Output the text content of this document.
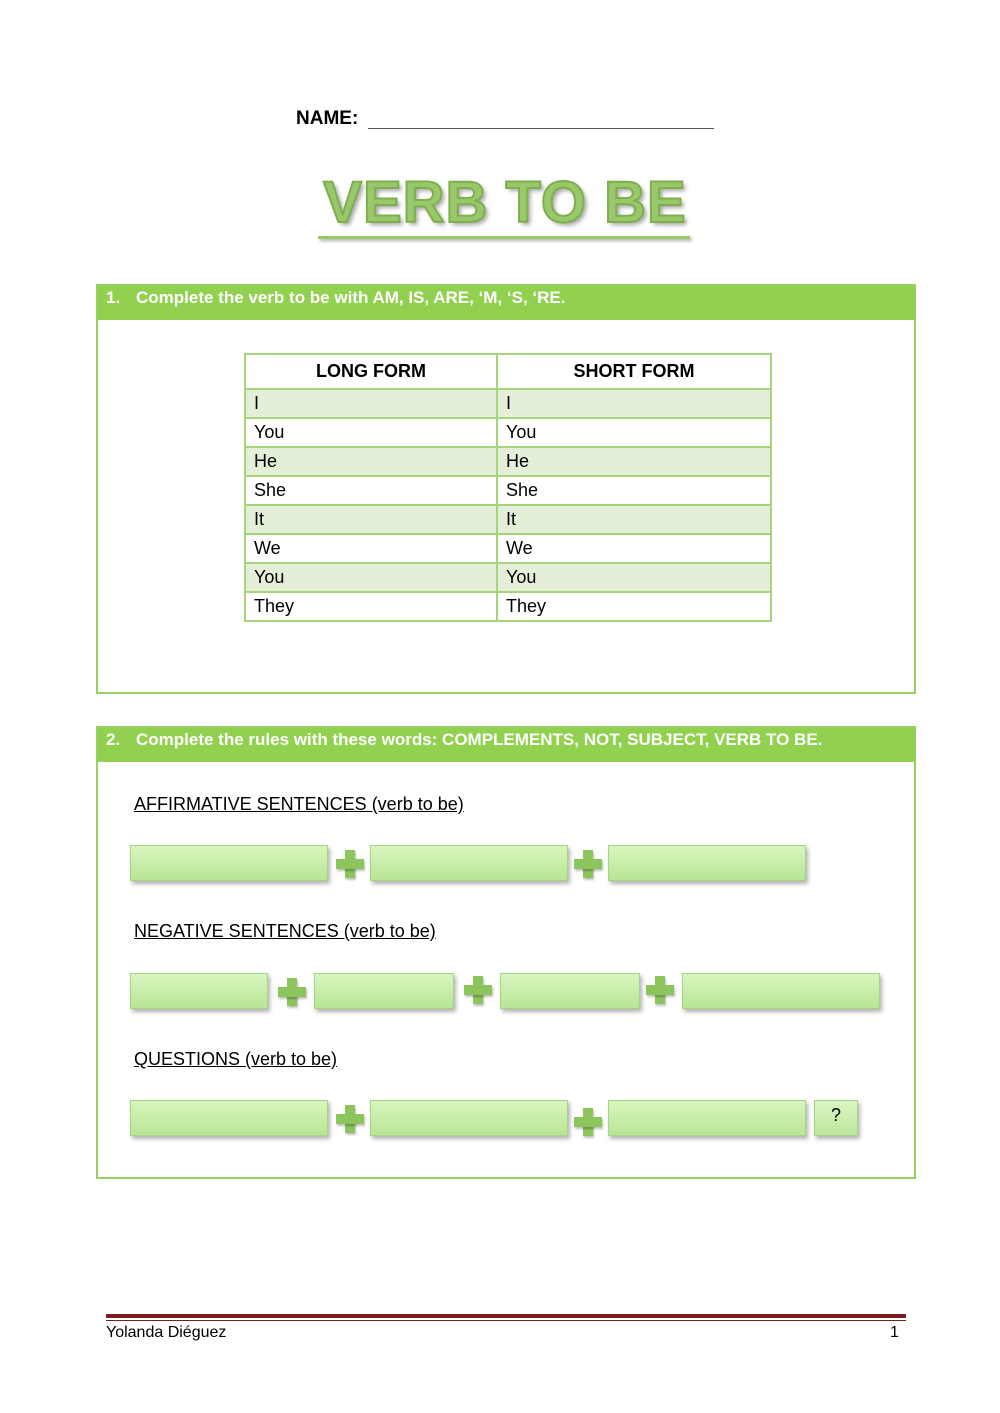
NAME:
VERB TO BE
1. Complete the verb to be with AM, IS, ARE, ‘M, ‘S, ‘RE.
LONG FORM	SHORT FORM
I	I
You	You
He	He
She	She
It	It
We	We
You	You
They	They
2. Complete the rules with these words: COMPLEMENTS, NOT, SUBJECT, VERB TO BE.
AFFIRMATIVE SENTENCES (verb to be)
NEGATIVE SENTENCES (verb to be)
QUESTIONS (verb to be)
?
Yolanda Diéguez	1
